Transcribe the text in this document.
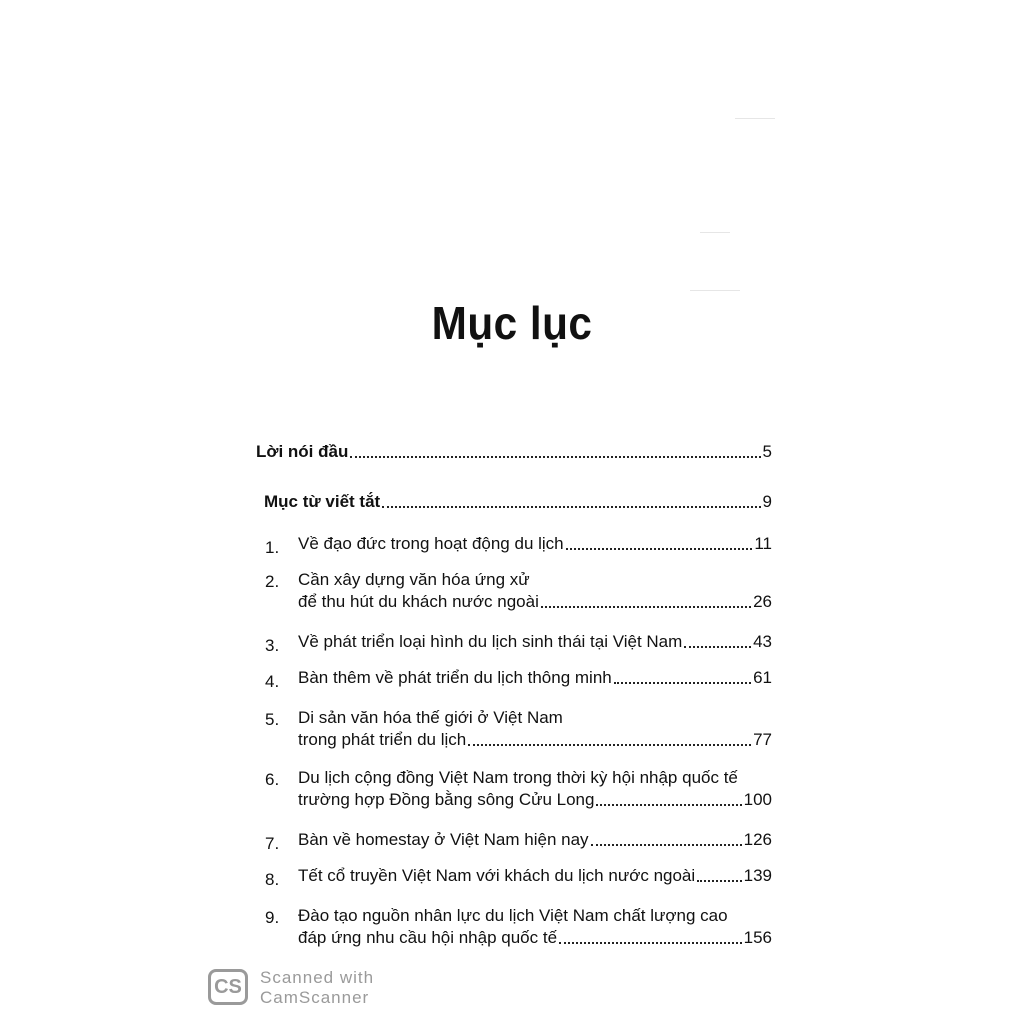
Mục lục
Lời nói đầu	5
Mục từ viết tắt	9
1.	Về đạo đức trong hoạt động du lịch	11
2.	Cần xây dựng văn hóa ứng xử
để thu hút du khách nước ngoài	26
3.	Về phát triển loại hình du lịch sinh thái tại Việt Nam	43
4.	Bàn thêm về phát triển du lịch thông minh	61
5.	Di sản văn hóa thế giới ở Việt Nam
trong phát triển du lịch	77
6.	Du lịch cộng đồng Việt Nam trong thời kỳ hội nhập quốc tế
trường hợp Đồng bằng sông Cửu Long	100
7.	Bàn về homestay ở Việt Nam hiện nay	126
8.	Tết cổ truyền Việt Nam với khách du lịch nước ngoài	139
9.	Đào tạo nguồn nhân lực du lịch Việt Nam chất lượng cao
đáp ứng nhu cầu hội nhập quốc tế	156
CS	Scanned with
CamScanner
